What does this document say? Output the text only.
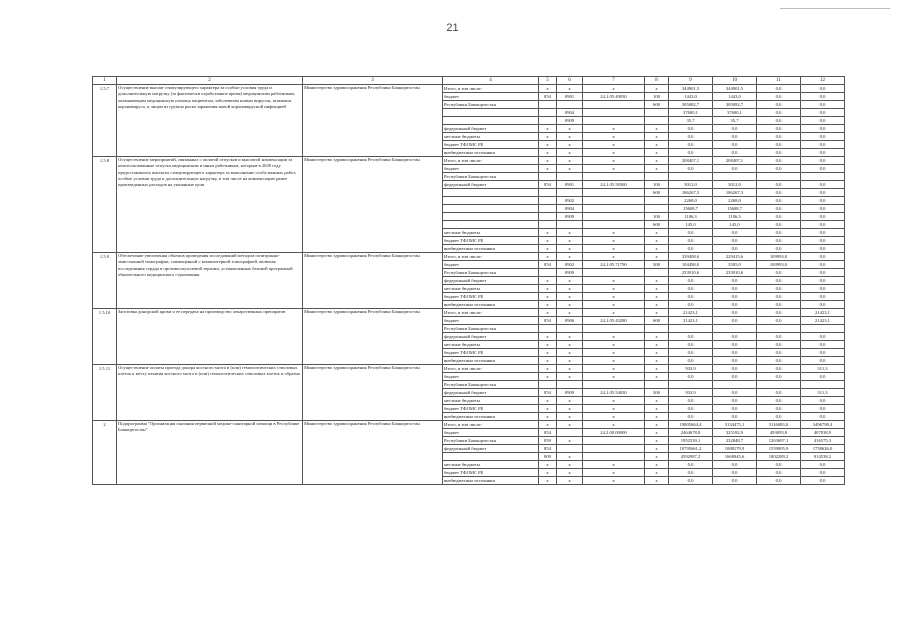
21
1	2	3	4	5	6	7	8	9	10	11	12
1.5.7	Осуществление выплат стимулирующего характера за особые условия труда и дополнительную нагрузку (за фактически отработанное время) медицинским работникам, оказывающим медицинскую помощь пациентам, заболевшим новым вирусом, штаммом коронавируса, и лицам из группы риска заражения новой коронавирусной инфекцией	Министерство здравоохранения Республики Башкортостан	Итого, в том числе:	x	x	x	x	344901,5	344901,5	0,0	0,0
			бюджет	854	0901	24.1.05.49030	100	1443,0	1443,0	0,0	0,0
			Республики Башкортостан				600	305082,7	305082,7	0,0	0,0
					0904			37600,1	37600,1	0,0	0,0
					0909			35,7	35,7	0,0	0,0
			федеральный бюджет	x	x	x	x	0,0	0,0	0,0	0,0
			местные бюджеты	x	x	x	x	0,0	0,0	0,0	0,0
			бюджет ТФОМС РБ	x	x	x	x	0,0	0,0	0,0	0,0
			внебюджетные источники	x	x	x	x	0,0	0,0	0,0	0,0
1.5.8	Осуществление мероприятий, связанных с оплатой отпусков и выплатой компенсации за неиспользованные отпуска медицинским и иным работникам, которым в 2020 году предоставлялись выплаты стимулирующего характера за выполнение особо важных работ, особые условия труда и дополнительную нагрузку, в том числе на компенсацию ранее произведенных расходов на указанные цели	Министерство здравоохранения Республики Башкортостан	Итого, в том числе:	x	x	x	x	208407,1	208407,1	0,0	0,0
			бюджет	x	x	x	x	0,0	0,0	0,0	0,0
			Республики Башкортостан								
			федеральный бюджет	854	0901	24.1.05.58360	100	3012,0	3012,0	0,0	0,0
							600	186267,3	186267,3	0,0	0,0
					0902			2268,0	2268,0	0,0	0,0
					0904			15608,7	15608,7	0,0	0,0
					0909		100	1106,3	1106,3	0,0	0,0
							600	145,0	145,0	0,0	0,0
			местные бюджеты	x	x	x	x	0,0	0,0	0,0	0,0
			бюджет ТФОМС РБ	x	x	x	x	0,0	0,0	0,0	0,0
			внебюджетные источники	x	x	x	x	0,0	0,0	0,0	0,0
1.5.9	Обеспечение увеличения объемов проведения исследований методом позитронно-эмиссионной томографии, совмещенной с компьютерной томографией, включая исследования сердца в противоопухолевой терапии, установленных базовой программой обязательного медицинского страхования	Министерство здравоохранения Республики Башкортостан	Итого, в том числе:	x	x	x	x	339408,6	229415,6	109993,0	0,0
			бюджет	854	0902	24.1.05.71790	300	104498,0	3505,0	100993,0	0,0
			Республики Башкортостан		0909			233910,6	233910,6	0,0	0,0
			федеральный бюджет	x	x	x	x	0,0	0,0	0,0	0,0
			местные бюджеты	x	x	x	x	0,0	0,0	0,0	0,0
			бюджет ТФОМС РБ	x	x	x	x	0,0	0,0	0,0	0,0
			внебюджетные источники	x	x	x	x	0,0	0,0	0,0	0,0
1.5.10	Заготовка донорской крови и ее передача на производство лекарственных препаратов	Министерство здравоохранения Республики Башкортостан	Итого, в том числе:	x	x	x	x	21423,1	0,0	0,0	21423,1
			бюджет	854	0906	24.1.05.43280	600	21423,1	0,0	0,0	21423,1
			Республики Башкортостан								
			федеральный бюджет	x	x	x	x	0,0	0,0	0,0	0,0
			местные бюджеты	x	x	x	x	0,0	0,0	0,0	0,0
			бюджет ТФОМС РБ	x	x	x	x	0,0	0,0	0,0	0,0
			внебюджетные источники	x	x	x	x	0,0	0,0	0,0	0,0
1.5.11	Осуществление оплаты проезда донора костного мозга и (или) гемопоэтических стволовых клеток к месту изъятия костного мозга и (или) гемопоэтических стволовых клеток и обратно	Министерство здравоохранения Республики Башкортостан	Итого, в том числе:	x	x	x	x	933,9	0,0	0,0	311,3
			бюджет	x	x	x	x	0,0	0,0	0,0	0,0
			Республики Башкортостан								
			федеральный бюджет	854	0909	24.1.05.54030	300	933,9	0,0	0,0	311,3
			местные бюджеты	x	x	x	x	0,0	0,0	0,0	0,0
			бюджет ТФОМС РБ	x	x	x	x	0,0	0,0	0,0	0,0
			внебюджетные источники	x	x	x	x	0,0	0,0	0,0	0,0
2	Подпрограмма "Организация оказания первичной медико-санитарной помощи в Республике Башкортостан"	Министерство здравоохранения Республики Башкортостан	Итого, в том числе:	x	x	x	x	19805664,4	3134475,1	5116083,0	3496798,4
			бюджет	854		24.2.00.00000	x	2464678,8	325182,9	493093,8	407038,9
			Республики Башкортостан	859	x		x	1952539,1	232848,7	1263697,1	416575,3
			федеральный бюджет	854			x	10795661,2	1088179,9	1559005,9	1758626,0
				809	x		x	4592987,2	1668045,6	1802289,2	914538,2
			местные бюджеты	x	x	x	x	0,0	0,0	0,0	0,0
			бюджет ТФОМС РБ	x	x	x	x	0,0	0,0	0,0	0,0
			внебюджетные источники	x	x	x	x	0,0	0,0	0,0	0,0
